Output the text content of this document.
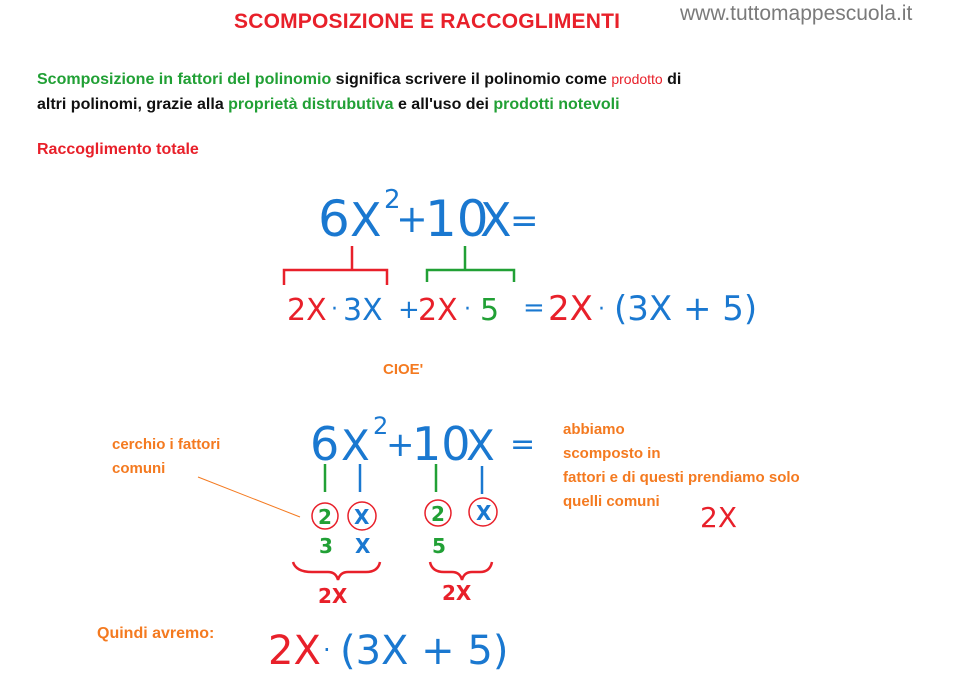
SCOMPOSIZIONE E RACCOGLIMENTI	www.tuttomappescuola.it
Scomposizione in fattori del polinomio significa scrivere il polinomio come prodotto di
altri polinomi, grazie alla proprietà distrubutiva e all'uso dei prodotti notevoli
Raccoglimento totale
6 X 2
+
10
X
=
2X · 3X +
2X · 5 = 2X · (3X + 5)
6 X 2
+
10
X =
2 X	2 X
3 X	5
2X	2X
2X
2X · (3X + 5)
CIOE'
cerchio i fattori
comuni
abbiamo
scomposto in
fattori e di questi prendiamo solo
quelli comuni
Quindi avremo:
